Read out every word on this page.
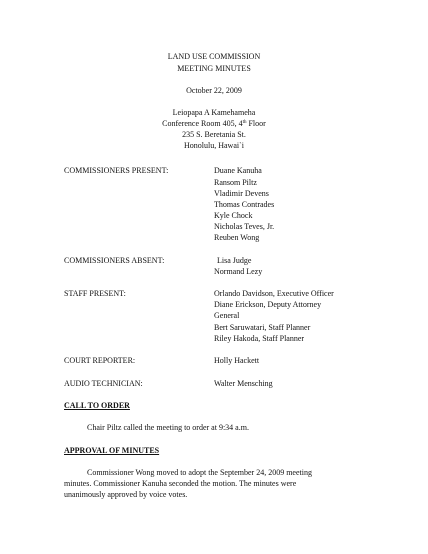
LAND USE COMMISSION
MEETING MINUTES
October 22, 2009
Leiopapa A Kamehameha
Conference Room 405, 4th Floor
235 S. Beretania St.
Honolulu, Hawai`i
COMMISSIONERS PRESENT:	Duane Kanuha
Ransom Piltz
Vladimir Devens
Thomas Contrades
Kyle Chock
Nicholas Teves, Jr.
Reuben Wong
COMMISSIONERS ABSENT:	Lisa Judge
Normand Lezy
STAFF PRESENT:	Orlando Davidson, Executive Officer
Diane Erickson, Deputy Attorney
General
Bert Saruwatari, Staff Planner
Riley Hakoda, Staff Planner
COURT REPORTER:	Holly Hackett
AUDIO TECHNICIAN:	Walter Mensching
CALL TO ORDER
Chair Piltz called the meeting to order at 9:34 a.m.
APPROVAL OF MINUTES
Commissioner Wong moved to adopt the September 24, 2009 meeting
minutes. Commissioner Kanuha seconded the motion. The minutes were
unanimously approved by voice votes.
